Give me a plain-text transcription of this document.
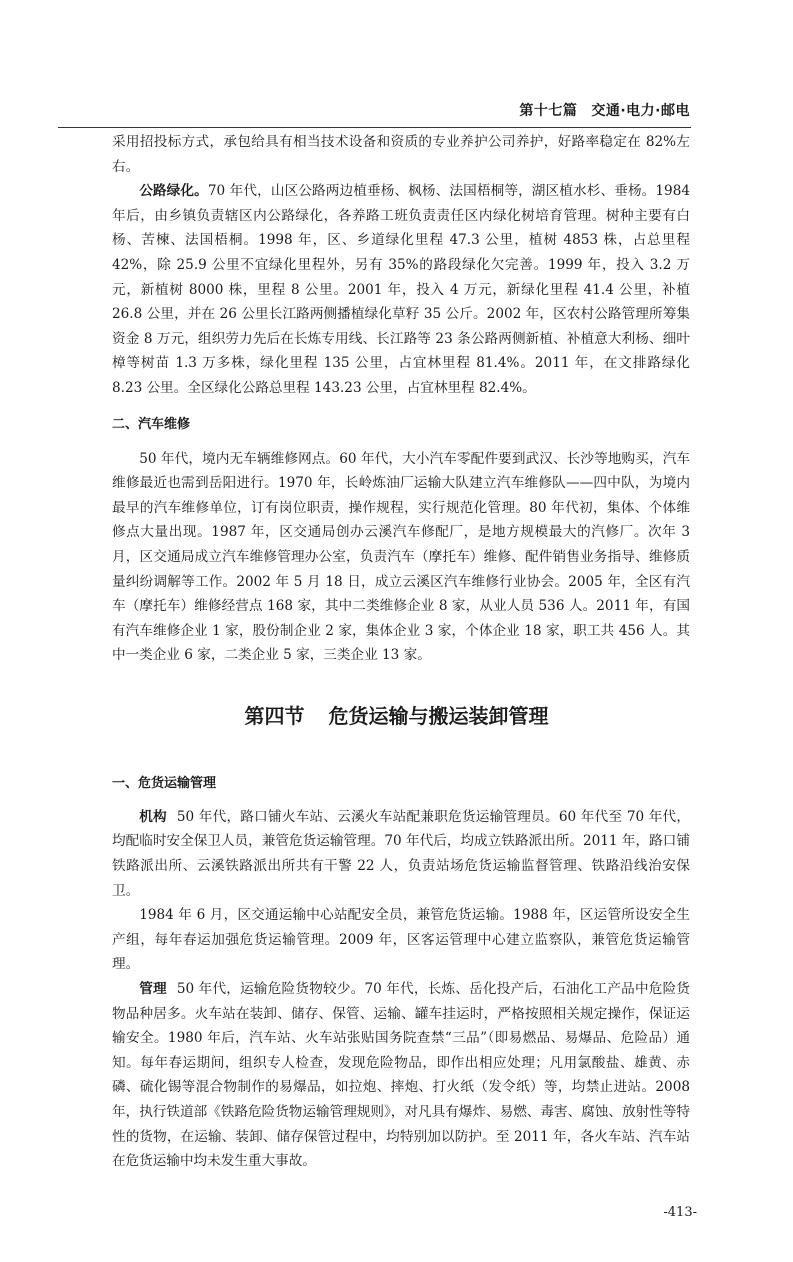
第十七篇 交通·电力·邮电

采用招投标方式，承包给具有相当技术设备和资质的专业养护公司养护，好路率稳定在 82%左右。

公路绿化。70 年代，山区公路两边植垂杨、枫杨、法国梧桐等，湖区植水杉、垂杨。1984 年后，由乡镇负责辖区内公路绿化，各养路工班负责责任区内绿化树培育管理。树种主要有白杨、苦楝、法国梧桐。1998 年，区、乡道绿化里程 47.3 公里，植树 4853 株，占总里程 42%，除 25.9 公里不宜绿化里程外，另有 35%的路段绿化欠完善。1999 年，投入 3.2 万元，新植树 8000 株，里程 8 公里。2001 年，投入 4 万元，新绿化里程 41.4 公里，补植 26.8 公里，并在 26 公里长江路两侧播植绿化草籽 35 公斤。2002 年，区农村公路管理所筹集资金 8 万元，组织劳力先后在长炼专用线、长江路等 23 条公路两侧新植、补植意大利杨、细叶樟等树苗 1.3 万多株，绿化里程 135 公里，占宜林里程 81.4%。2011 年，在文排路绿化 8.23 公里。全区绿化公路总里程 143.23 公里，占宜林里程 82.4%。

二、汽车维修

50 年代，境内无车辆维修网点。60 年代，大小汽车零配件要到武汉、长沙等地购买，汽车维修最近也需到岳阳进行。1970 年，长岭炼油厂运输大队建立汽车维修队——四中队，为境内最早的汽车维修单位，订有岗位职责，操作规程，实行规范化管理。80 年代初，集体、个体维修点大量出现。1987 年，区交通局创办云溪汽车修配厂，是地方规模最大的汽修厂。次年 3 月，区交通局成立汽车维修管理办公室，负责汽车（摩托车）维修、配件销售业务指导、维修质量纠纷调解等工作。2002 年 5 月 18 日，成立云溪区汽车维修行业协会。2005 年，全区有汽车（摩托车）维修经营点 168 家，其中二类维修企业 8 家，从业人员 536 人。2011 年，有国有汽车维修企业 1 家，股份制企业 2 家，集体企业 3 家，个体企业 18 家，职工共 456 人。其中一类企业 6 家，二类企业 5 家，三类企业 13 家。

第四节 危货运输与搬运装卸管理
一、危货运输管理

机构 50 年代，路口铺火车站、云溪火车站配兼职危货运输管理员。60 年代至 70 年代，均配临时安全保卫人员，兼管危货运输管理。70 年代后，均成立铁路派出所。2011 年，路口铺铁路派出所、云溪铁路派出所共有干警 22 人，负责站场危货运输监督管理、铁路沿线治安保卫。

1984 年 6 月，区交通运输中心站配安全员，兼管危货运输。1988 年，区运管所设安全生产组，每年春运加强危货运输管理。2009 年，区客运管理中心建立监察队，兼管危货运输管理。

管理 50 年代，运输危险货物较少。70 年代，长炼、岳化投产后，石油化工产品中危险货物品种居多。火车站在装卸、储存、保管、运输、罐车挂运时，严格按照相关规定操作，保证运输安全。1980 年后，汽车站、火车站张贴国务院查禁“三品”（即易燃品、易爆品、危险品）通知。每年春运期间，组织专人检查，发现危险物品，即作出相应处理；凡用氯酸盐、雄黄、赤磷、硫化锡等混合物制作的易爆品，如拉炮、摔炮、打火纸（发令纸）等，均禁止进站。2008 年，执行铁道部《铁路危险货物运输管理规则》，对凡具有爆炸、易燃、毒害、腐蚀、放射性等特性的货物，在运输、装卸、储存保管过程中，均特别加以防护。至 2011 年，各火车站、汽车站在危货运输中均未发生重大事故。

-413-
